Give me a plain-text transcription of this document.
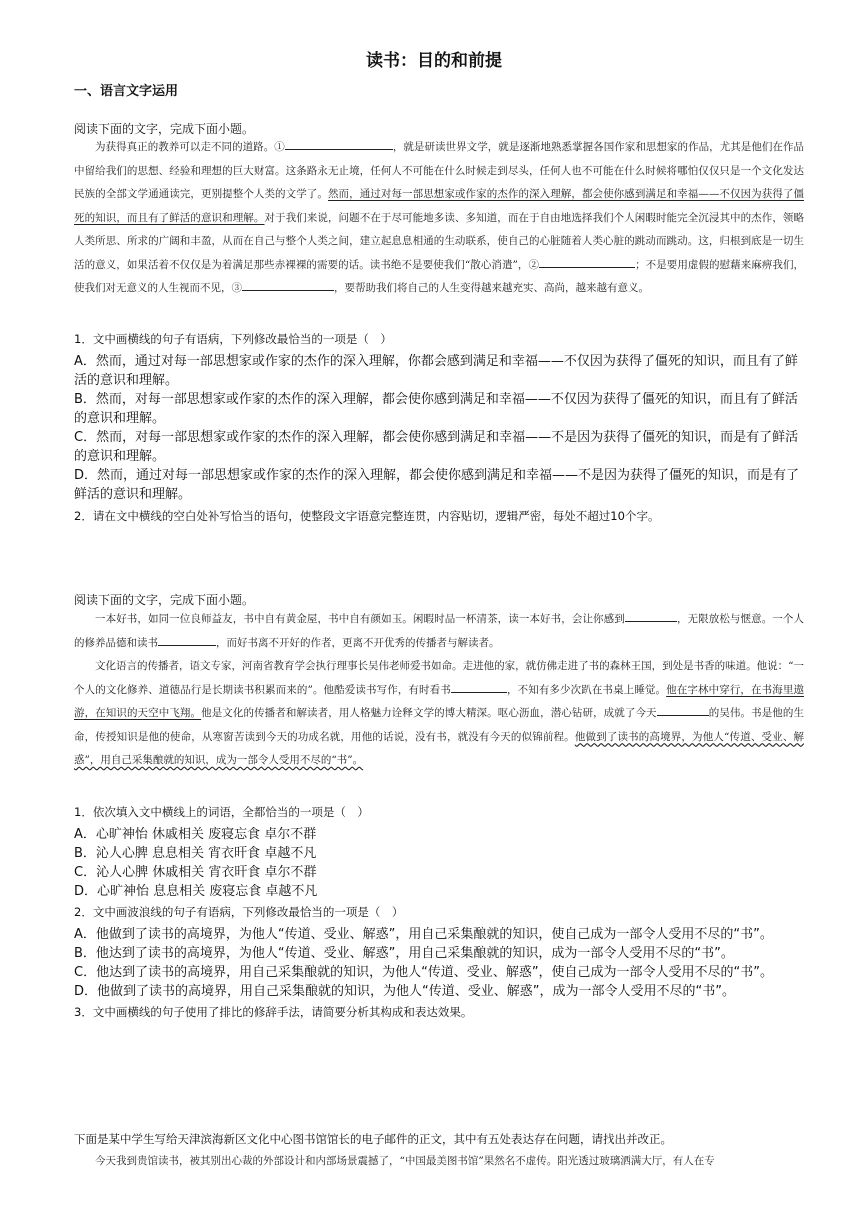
读书：目的和前提
一、语言文字运用
阅读下面的文字，完成下面小题。

为获得真正的教养可以走不同的道路。①	，就是研读世界文学，就是逐渐地熟悉掌握各国作家和思想家的作品，尤其是他们在作品中留给我们的思想、经验和理想的巨大财富。这条路永无止境，任何人不可能在什么时候走到尽头，任何人也不可能在什么时候将哪怕仅仅只是一个文化发达民族的全部文学通通读完，更别提整个人类的文学了。然而，通过对每一部思想家或作家的杰作的深入理解，都会使你感到满足和幸福——不仅因为获得了僵死的知识，而且有了鲜活的意识和理解。对于我们来说，问题不在于尽可能地多读、多知道，而在于自由地选择我们个人闲暇时能完全沉浸其中的杰作，领略人类所思、所求的广阔和丰盈，从而在自己与整个人类之间，建立起息息相通的生动联系，使自己的心脏随着人类心脏的跳动而跳动。这，归根到底是一切生活的意义，如果活着不仅仅是为着满足那些赤裸裸的需要的话。读书绝不是要使我们“散心消遣”，②	；不是要用虚假的慰藉来麻痹我们，使我们对无意义的人生视而不见，③	，要帮助我们将自己的人生变得越来越充实、高尚，越来越有意义。

1．文中画横线的句子有语病，下列修改最恰当的一项是（　）

A．然而，通过对每一部思想家或作家的杰作的深入理解，你都会感到满足和幸福——不仅因为获得了僵死的知识，而且有了鲜活的意识和理解。

B．然而，对每一部思想家或作家的杰作的深入理解，都会使你感到满足和幸福——不仅因为获得了僵死的知识，而且有了鲜活的意识和理解。

C．然而，对每一部思想家或作家的杰作的深入理解，都会使你感到满足和幸福——不是因为获得了僵死的知识，而是有了鲜活的意识和理解。

D．然而，通过对每一部思想家或作家的杰作的深入理解，都会使你感到满足和幸福——不是因为获得了僵死的知识，而是有了鲜活的意识和理解。

2．请在文中横线的空白处补写恰当的语句，使整段文字语意完整连贯，内容贴切，逻辑严密，每处不超过10个字。

阅读下面的文字，完成下面小题。

一本好书，如同一位良师益友，书中自有黄金屋，书中自有颜如玉。闲暇时品一杯清茶，读一本好书，会让你感到	，无限放松与惬意。一个人的修养品德和读书	，而好书离不开好的作者，更离不开优秀的传播者与解读者。

文化语言的传播者，语文专家，河南省教育学会执行理事长吴伟老师爱书如命。走进他的家，就仿佛走进了书的森林王国，到处是书香的味道。他说：“一个人的文化修养、道德品行是长期读书积累而来的”。他酷爱读书写作，有时看书	，不知有多少次趴在书桌上睡觉。他在字林中穿行，在书海里遨游，在知识的天空中飞翔。他是文化的传播者和解读者，用人格魅力诠释文学的博大精深。呕心沥血，潜心钻研，成就了今天	的吴伟。书是他的生命，传授知识是他的使命，从寒窗苦读到今天的功成名就，用他的话说，没有书，就没有今天的似锦前程。他做到了读书的高境界，为他人“传道、受业、解惑”，用自己采集酿就的知识，成为一部令人受用不尽的“书”。

1．依次填入文中横线上的词语，全都恰当的一项是（　）

A．心旷神怡 休戚相关 废寝忘食 卓尔不群

B．沁人心脾 息息相关 宵衣旰食 卓越不凡

C．沁人心脾 休戚相关 宵衣旰食 卓尔不群

D．心旷神怡 息息相关 废寝忘食 卓越不凡

2．文中画波浪线的句子有语病，下列修改最恰当的一项是（　）

A．他做到了读书的高境界，为他人“传道、受业、解惑”，用自己采集酿就的知识，使自己成为一部令人受用不尽的“书”。

B．他达到了读书的高境界，为他人“传道、受业、解惑”，用自己采集酿就的知识，成为一部令人受用不尽的“书”。

C．他达到了读书的高境界，用自己采集酿就的知识，为他人“传道、受业、解惑”，使自己成为一部令人受用不尽的“书”。

D．他做到了读书的高境界，用自己采集酿就的知识，为他人“传道、受业、解惑”，成为一部令人受用不尽的“书”。

3．文中画横线的句子使用了排比的修辞手法，请简要分析其构成和表达效果。

下面是某中学生写给天津滨海新区文化中心图书馆馆长的电子邮件的正文，其中有五处表达存在问题，请找出并改正。

今天我到贵馆读书，被其别出心裁的外部设计和内部场景震撼了，“中国最美图书馆”果然名不虚传。阳光透过玻璃洒满大厅，有人在专
